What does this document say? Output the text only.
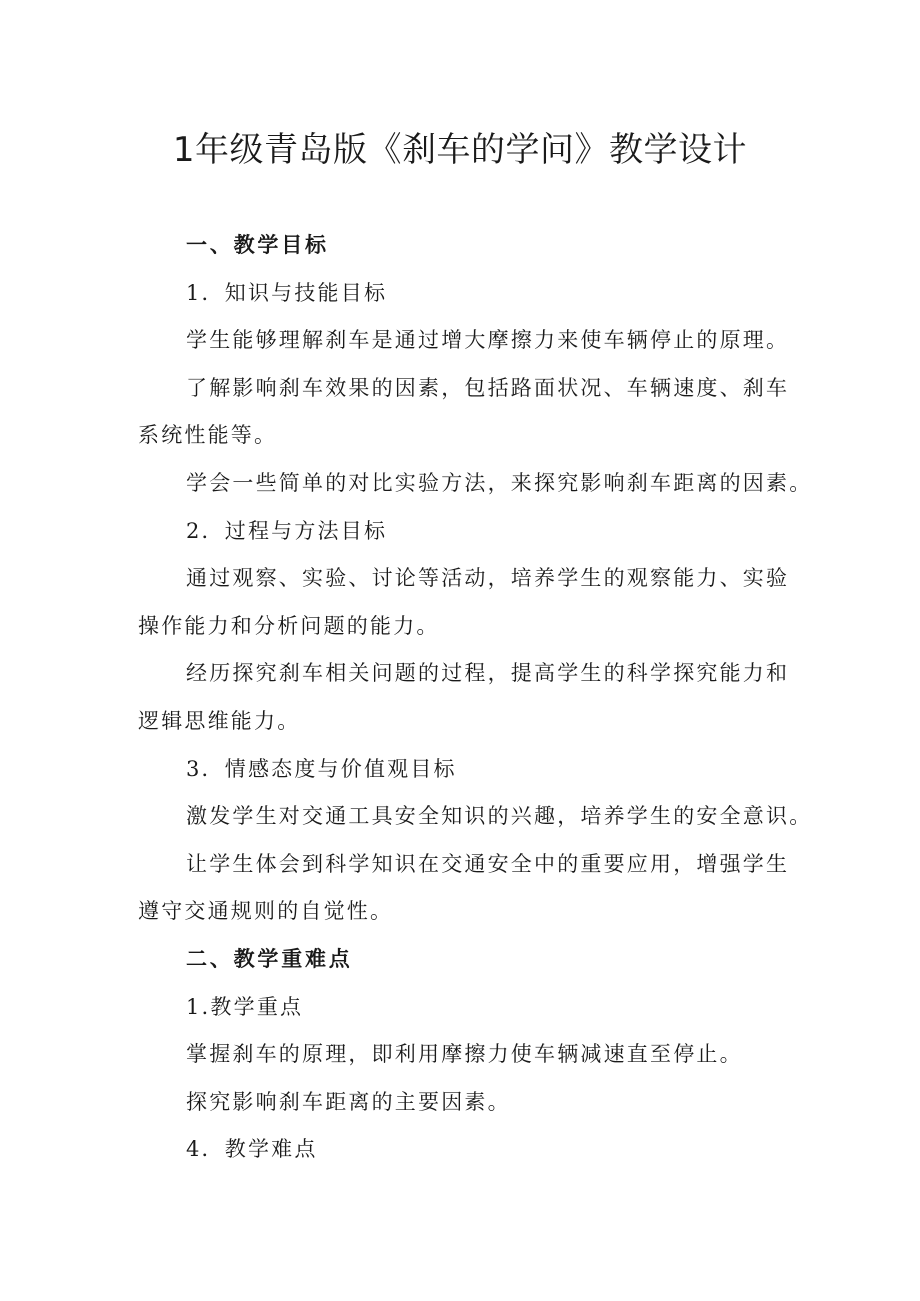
1年级青岛版《刹车的学问》教学设计

一、教学目标

1．知识与技能目标

学生能够理解刹车是通过增大摩擦力来使车辆停止的原理。

了解影响刹车效果的因素，包括路面状况、车辆速度、刹车

系统性能等。

学会一些简单的对比实验方法，来探究影响刹车距离的因素。

2．过程与方法目标

通过观察、实验、讨论等活动，培养学生的观察能力、实验

操作能力和分析问题的能力。

经历探究刹车相关问题的过程，提高学生的科学探究能力和

逻辑思维能力。

3．情感态度与价值观目标

激发学生对交通工具安全知识的兴趣，培养学生的安全意识。

让学生体会到科学知识在交通安全中的重要应用，增强学生

遵守交通规则的自觉性。

二、教学重难点

1.教学重点

掌握刹车的原理，即利用摩擦力使车辆减速直至停止。

探究影响刹车距离的主要因素。

4．教学难点
